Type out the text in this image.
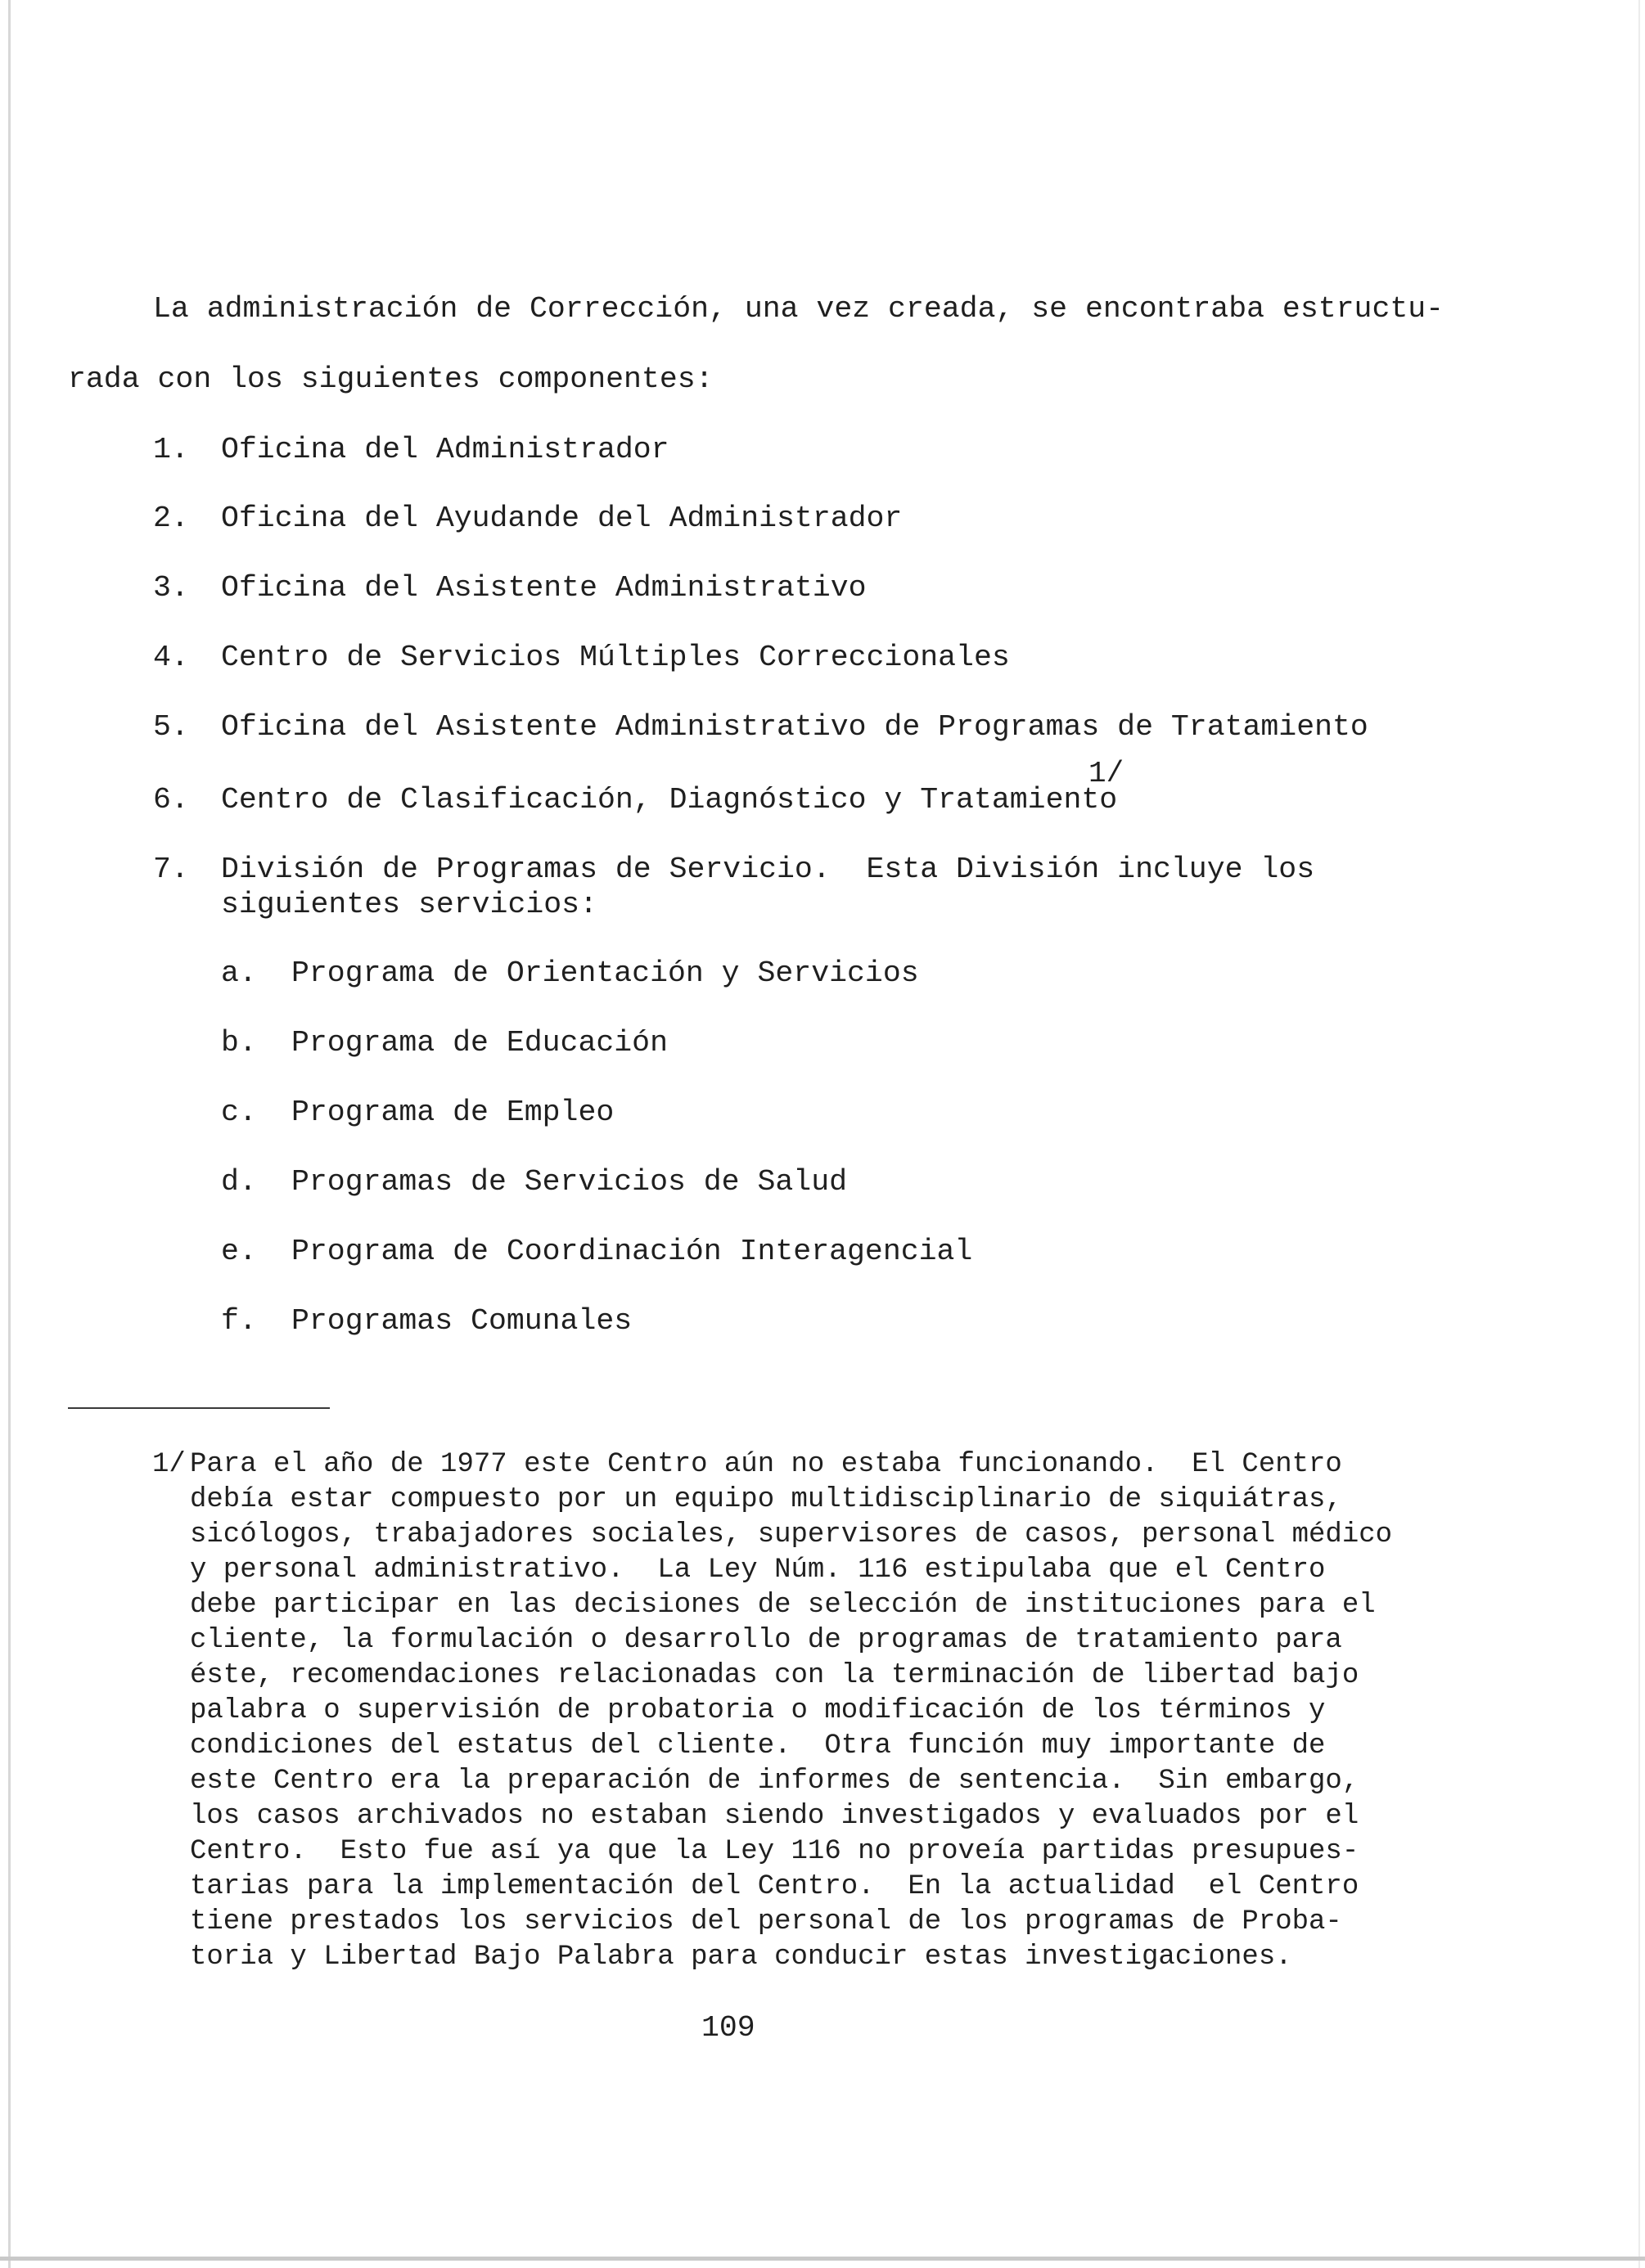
La administración de Corrección, una vez creada, se encontraba estructu-
rada con los siguientes componentes:
1. Oficina del Administrador
2. Oficina del Ayudande del Administrador
3. Oficina del Asistente Administrativo
4. Centro de Servicios Múltiples Correccionales
5. Oficina del Asistente Administrativo de Programas de Tratamiento
6. Centro de Clasificación, Diagnóstico y Tratamiento
1/
7. División de Programas de Servicio.  Esta División incluye los
siguientes servicios:
a. Programa de Orientación y Servicios
b. Programa de Educación
c. Programa de Empleo
d. Programas de Servicios de Salud
e. Programa de Coordinación Interagencial
f. Programas Comunales
1/ Para el año de 1977 este Centro aún no estaba funcionando.  El Centro
debía estar compuesto por un equipo multidisciplinario de siquiátras,
sicólogos, trabajadores sociales, supervisores de casos, personal médico
y personal administrativo.  La Ley Núm. 116 estipulaba que el Centro
debe participar en las decisiones de selección de instituciones para el
cliente, la formulación o desarrollo de programas de tratamiento para
éste, recomendaciones relacionadas con la terminación de libertad bajo
palabra o supervisión de probatoria o modificación de los términos y
condiciones del estatus del cliente.  Otra función muy importante de
este Centro era la preparación de informes de sentencia.  Sin embargo,
los casos archivados no estaban siendo investigados y evaluados por el
Centro.  Esto fue así ya que la Ley 116 no proveía partidas presupues-
tarias para la implementación del Centro.  En la actualidad  el Centro
tiene prestados los servicios del personal de los programas de Proba-
toria y Libertad Bajo Palabra para conducir estas investigaciones.
109
